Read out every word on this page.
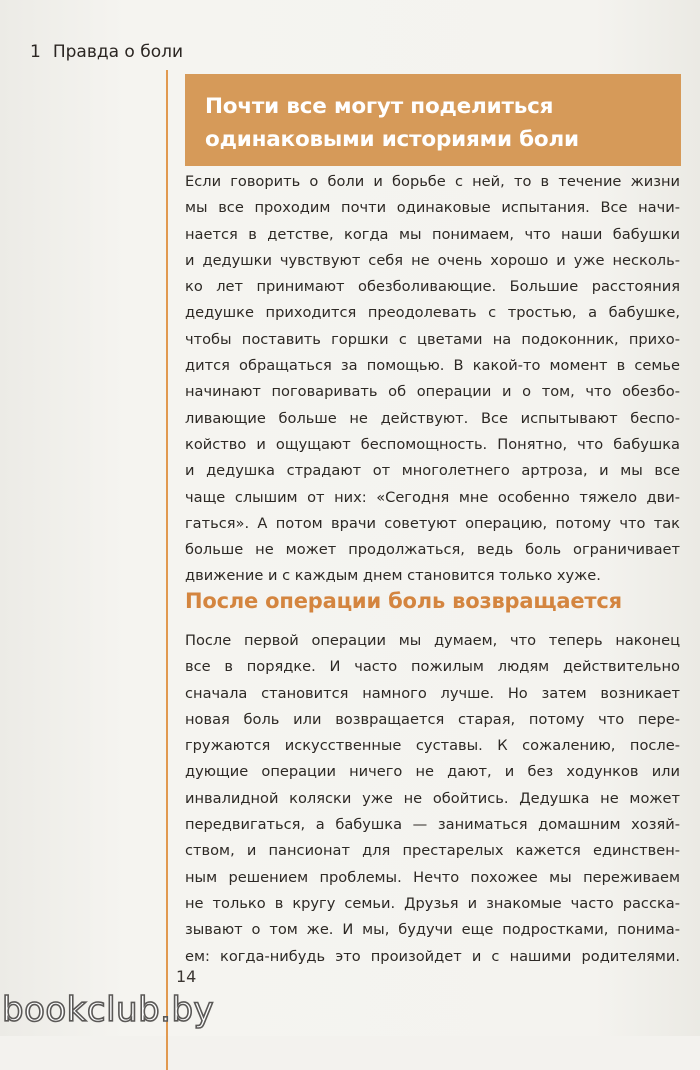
1 Правда о боли
Почти все могут поделиться
одинаковыми историями боли

Если говорить о боли и борьбе с ней, то в течение жизни
мы все проходим почти одинаковые испытания. Все начи-
нается в детстве, когда мы понимаем, что наши бабушки
и дедушки чувствуют себя не очень хорошо и уже несколь-
ко лет принимают обезболивающие. Большие расстояния
дедушке приходится преодолевать с тростью, а бабушке,
чтобы поставить горшки с цветами на подоконник, прихо-
дится обращаться за помощью. В какой-то момент в семье
начинают поговаривать об операции и о том, что обезбо-
ливающие больше не действуют. Все испытывают беспо-
койство и ощущают беспомощность. Понятно, что бабушка
и дедушка страдают от многолетнего артроза, и мы все
чаще слышим от них: «Сегодня мне особенно тяжело дви-
гаться». А потом врачи советуют операцию, потому что так
больше не может продолжаться, ведь боль ограничивает
движение и с каждым днем становится только хуже.

После операции боль возвращается

После первой операции мы думаем, что теперь наконец
все в порядке. И часто пожилым людям действительно
сначала становится намного лучше. Но затем возникает
новая боль или возвращается старая, потому что пере-
гружаются искусственные суставы. К сожалению, после-
дующие операции ничего не дают, и без ходунков или
инвалидной коляски уже не обойтись. Дедушка не может
передвигаться, а бабушка — заниматься домашним хозяй-
ством, и пансионат для престарелых кажется единствен-
ным решением проблемы. Нечто похожее мы переживаем
не только в кругу семьи. Друзья и знакомые часто расска-
зывают о том же. И мы, будучи еще подростками, понима-
ем: когда-нибудь это произойдет и с нашими родителями.

14
bookclub.by
